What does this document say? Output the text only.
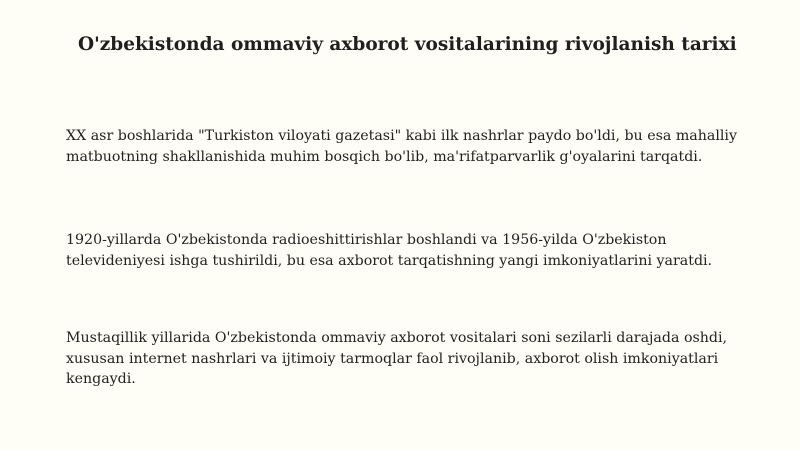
O'zbekistonda ommaviy axborot vositalarining rivojlanish tarixi

XX asr boshlarida "Turkiston viloyati gazetasi" kabi ilk nashrlar paydo bo'ldi, bu esa mahalliy matbuotning shakllanishida muhim bosqich bo'lib, ma'rifatparvarlik g'oyalarini tarqatdi.

1920-yillarda O'zbekistonda radioeshittirishlar boshlandi va 1956-yilda O'zbekiston televideniyesi ishga tushirildi, bu esa axborot tarqatishning yangi imkoniyatlarini yaratdi.

Mustaqillik yillarida O'zbekistonda ommaviy axborot vositalari soni sezilarli darajada oshdi, xususan internet nashrlari va ijtimoiy tarmoqlar faol rivojlanib, axborot olish imkoniyatlari kengaydi.
